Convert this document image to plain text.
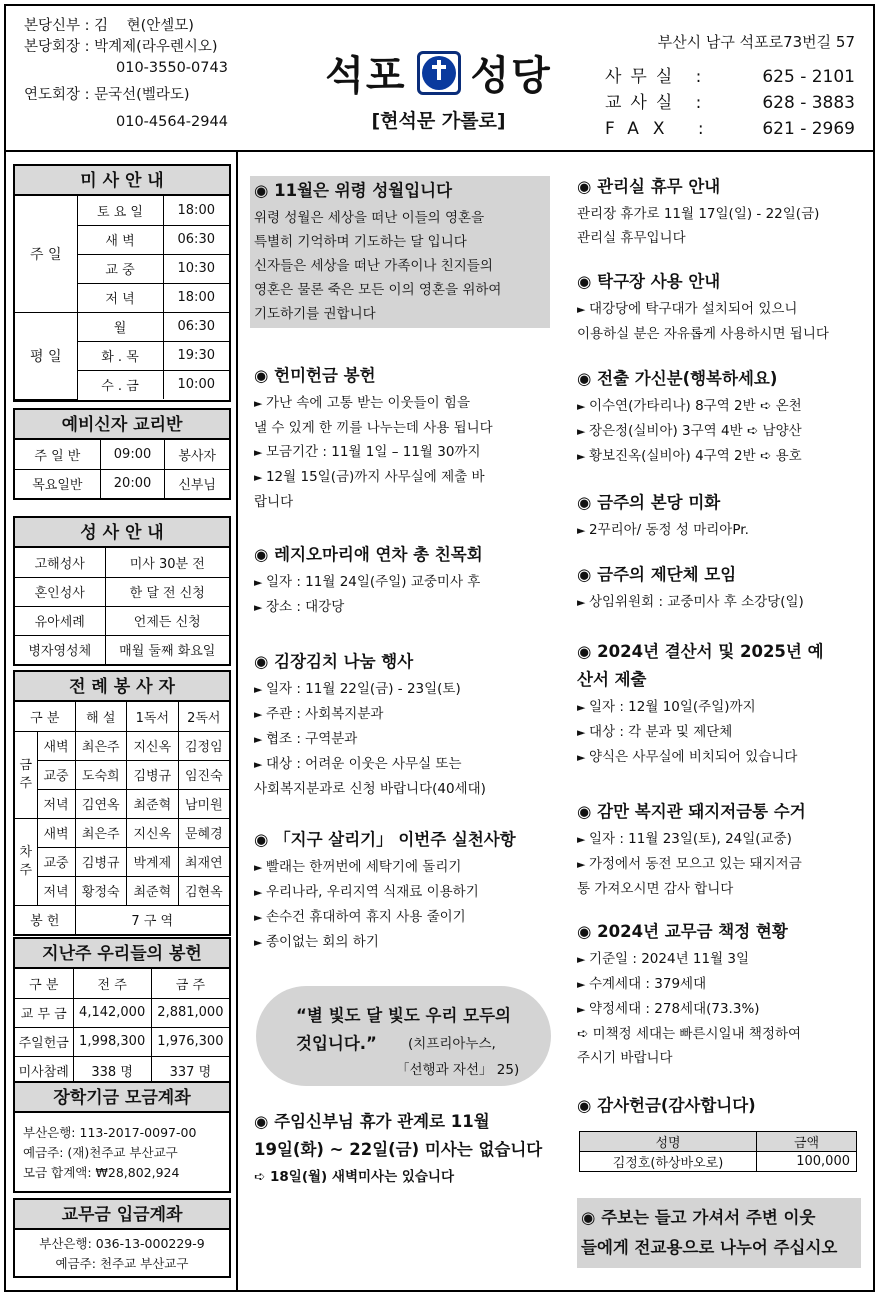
본당신부 :
김    현(안셀모)
본당회장 :
박계제(라우렌시오)
010-3550-0743
연도회장 :
문국선(벨라도)
010-4564-2944
석포 성당
[현석문 가롤로]
부산시 남구 석포로73번길 57
사무실 :	625 - 2101
교사실 :	628 - 3883
FAX :	621 - 2969
미 사 안 내
주 일	토 요 일	18:00
	새 벽	06:30
	교 중	10:30
	저 녁	18:00
평 일	월	06:30
	화 . 목	19:30
	수 . 금	10:00
예비신자 교리반
주 일 반	09:00	봉사자
목요일반	20:00	신부님
성 사 안 내
고해성사	미사 30분 전
혼인성사	한 달 전 신청
유아세례	언제든 신청
병자영성체	매월 둘째 화요일
전 례 봉 사 자
구 분		해 설	1독서	2독서
금주	새벽	최은주	지신옥	김정임
	교중	도숙희	김병규	임진숙
	저녁	김연옥	최준혁	남미원
차주	새벽	최은주	지신옥	문혜경
	교중	김병규	박계제	최재연
	저녁	황정숙	최준혁	김현옥
봉 헌		7 구 역		
지난주 우리들의 봉헌
구 분	전 주	금 주
교 무 금	4,142,000	2,881,000
주일헌금	1,998,300	1,976,300
미사참례	338 명	337 명
장학기금 모금계좌
부산은행: 113-2017-0097-00
예금주: (재)천주교 부산교구
모금 합계액: ₩28,802,924
교무금 입금계좌
부산은행: 036-13-000229-9
예금주: 천주교 부산교구
◉ 11월은 위령 성월입니다

위령 성월은 세상을 떠난 이들의 영혼을

특별히 기억하며 기도하는 달 입니다

신자들은 세상을 떠난 가족이나 친지들의

영혼은 물론 죽은 모든 이의 영혼을 위하여

기도하기를 권합니다

◉ 헌미헌금 봉헌

► 가난 속에 고통 받는 이웃들이 힘을

낼 수 있게 한 끼를 나누는데 사용 됩니다

► 모금기간 : 11월 1일 – 11월 30까지

► 12월 15일(금)까지 사무실에 제출 바

랍니다

◉ 레지오마리애 연차 총 친목회

► 일자 : 11월 24일(주일) 교중미사 후

► 장소 : 대강당

◉ 김장김치 나눔 행사

► 일자 : 11월 22일(금) - 23일(토)

► 주관 : 사회복지분과

► 협조 : 구역분과

► 대상 : 어려운 이웃은 사무실 또는

사회복지분과로 신청 바랍니다(40세대)

◉ 「지구 살리기」 이번주 실천사항

► 빨래는 한꺼번에 세탁기에 돌리기

► 우리나라, 우리지역 식재료 이용하기

► 손수건 휴대하여 휴지 사용 줄이기

► 종이없는 회의 하기

“별 빛도 달 빛도 우리 모두의
것입니다.” (치프리아누스,
「선행과 자선」 25)
◉ 주임신부님 휴가 관계로 11월
19일(화) ~ 22일(금) 미사는 없습니다

➪ 18일(월) 새벽미사는 있습니다

◉ 관리실 휴무 안내

관리장 휴가로 11월 17일(일) - 22일(금)

관리실 휴무입니다

◉ 탁구장 사용 안내

► 대강당에 탁구대가 설치되어 있으니

이용하실 분은 자유롭게 사용하시면 됩니다

◉ 전출 가신분(행복하세요)

► 이수연(가타리나) 8구역 2반 ➪ 온천

► 장은정(실비아) 3구역 4반 ➪ 남양산

► 황보진옥(실비아) 4구역 2반 ➪ 용호

◉ 금주의 본당 미화

► 2꾸리아/ 동정 성 마리아Pr.

◉ 금주의 제단체 모임

► 상임위원회 : 교중미사 후 소강당(일)

◉ 2024년 결산서 및 2025년 예
산서 제출

► 일자 : 12월 10일(주일)까지

► 대상 : 각 분과 및 제단체

► 양식은 사무실에 비치되어 있습니다

◉ 감만 복지관 돼지저금통 수거

► 일자 : 11월 23일(토), 24일(교중)

► 가정에서 동전 모으고 있는 돼지저금

통 가져오시면 감사 합니다

◉ 2024년 교무금 책정 현황

► 기준일 : 2024년 11월 3일

► 수계세대 : 379세대

► 약정세대 : 278세대(73.3%)

➪ 미책정 세대는 빠른시일내 책정하여

주시기 바랍니다

◉ 감사헌금(감사합니다)
성명	금액
김정호(하상바오로)	100,000
◉ 주보는 들고 가셔서 주변 이웃
들에게 전교용으로 나누어 주십시오
